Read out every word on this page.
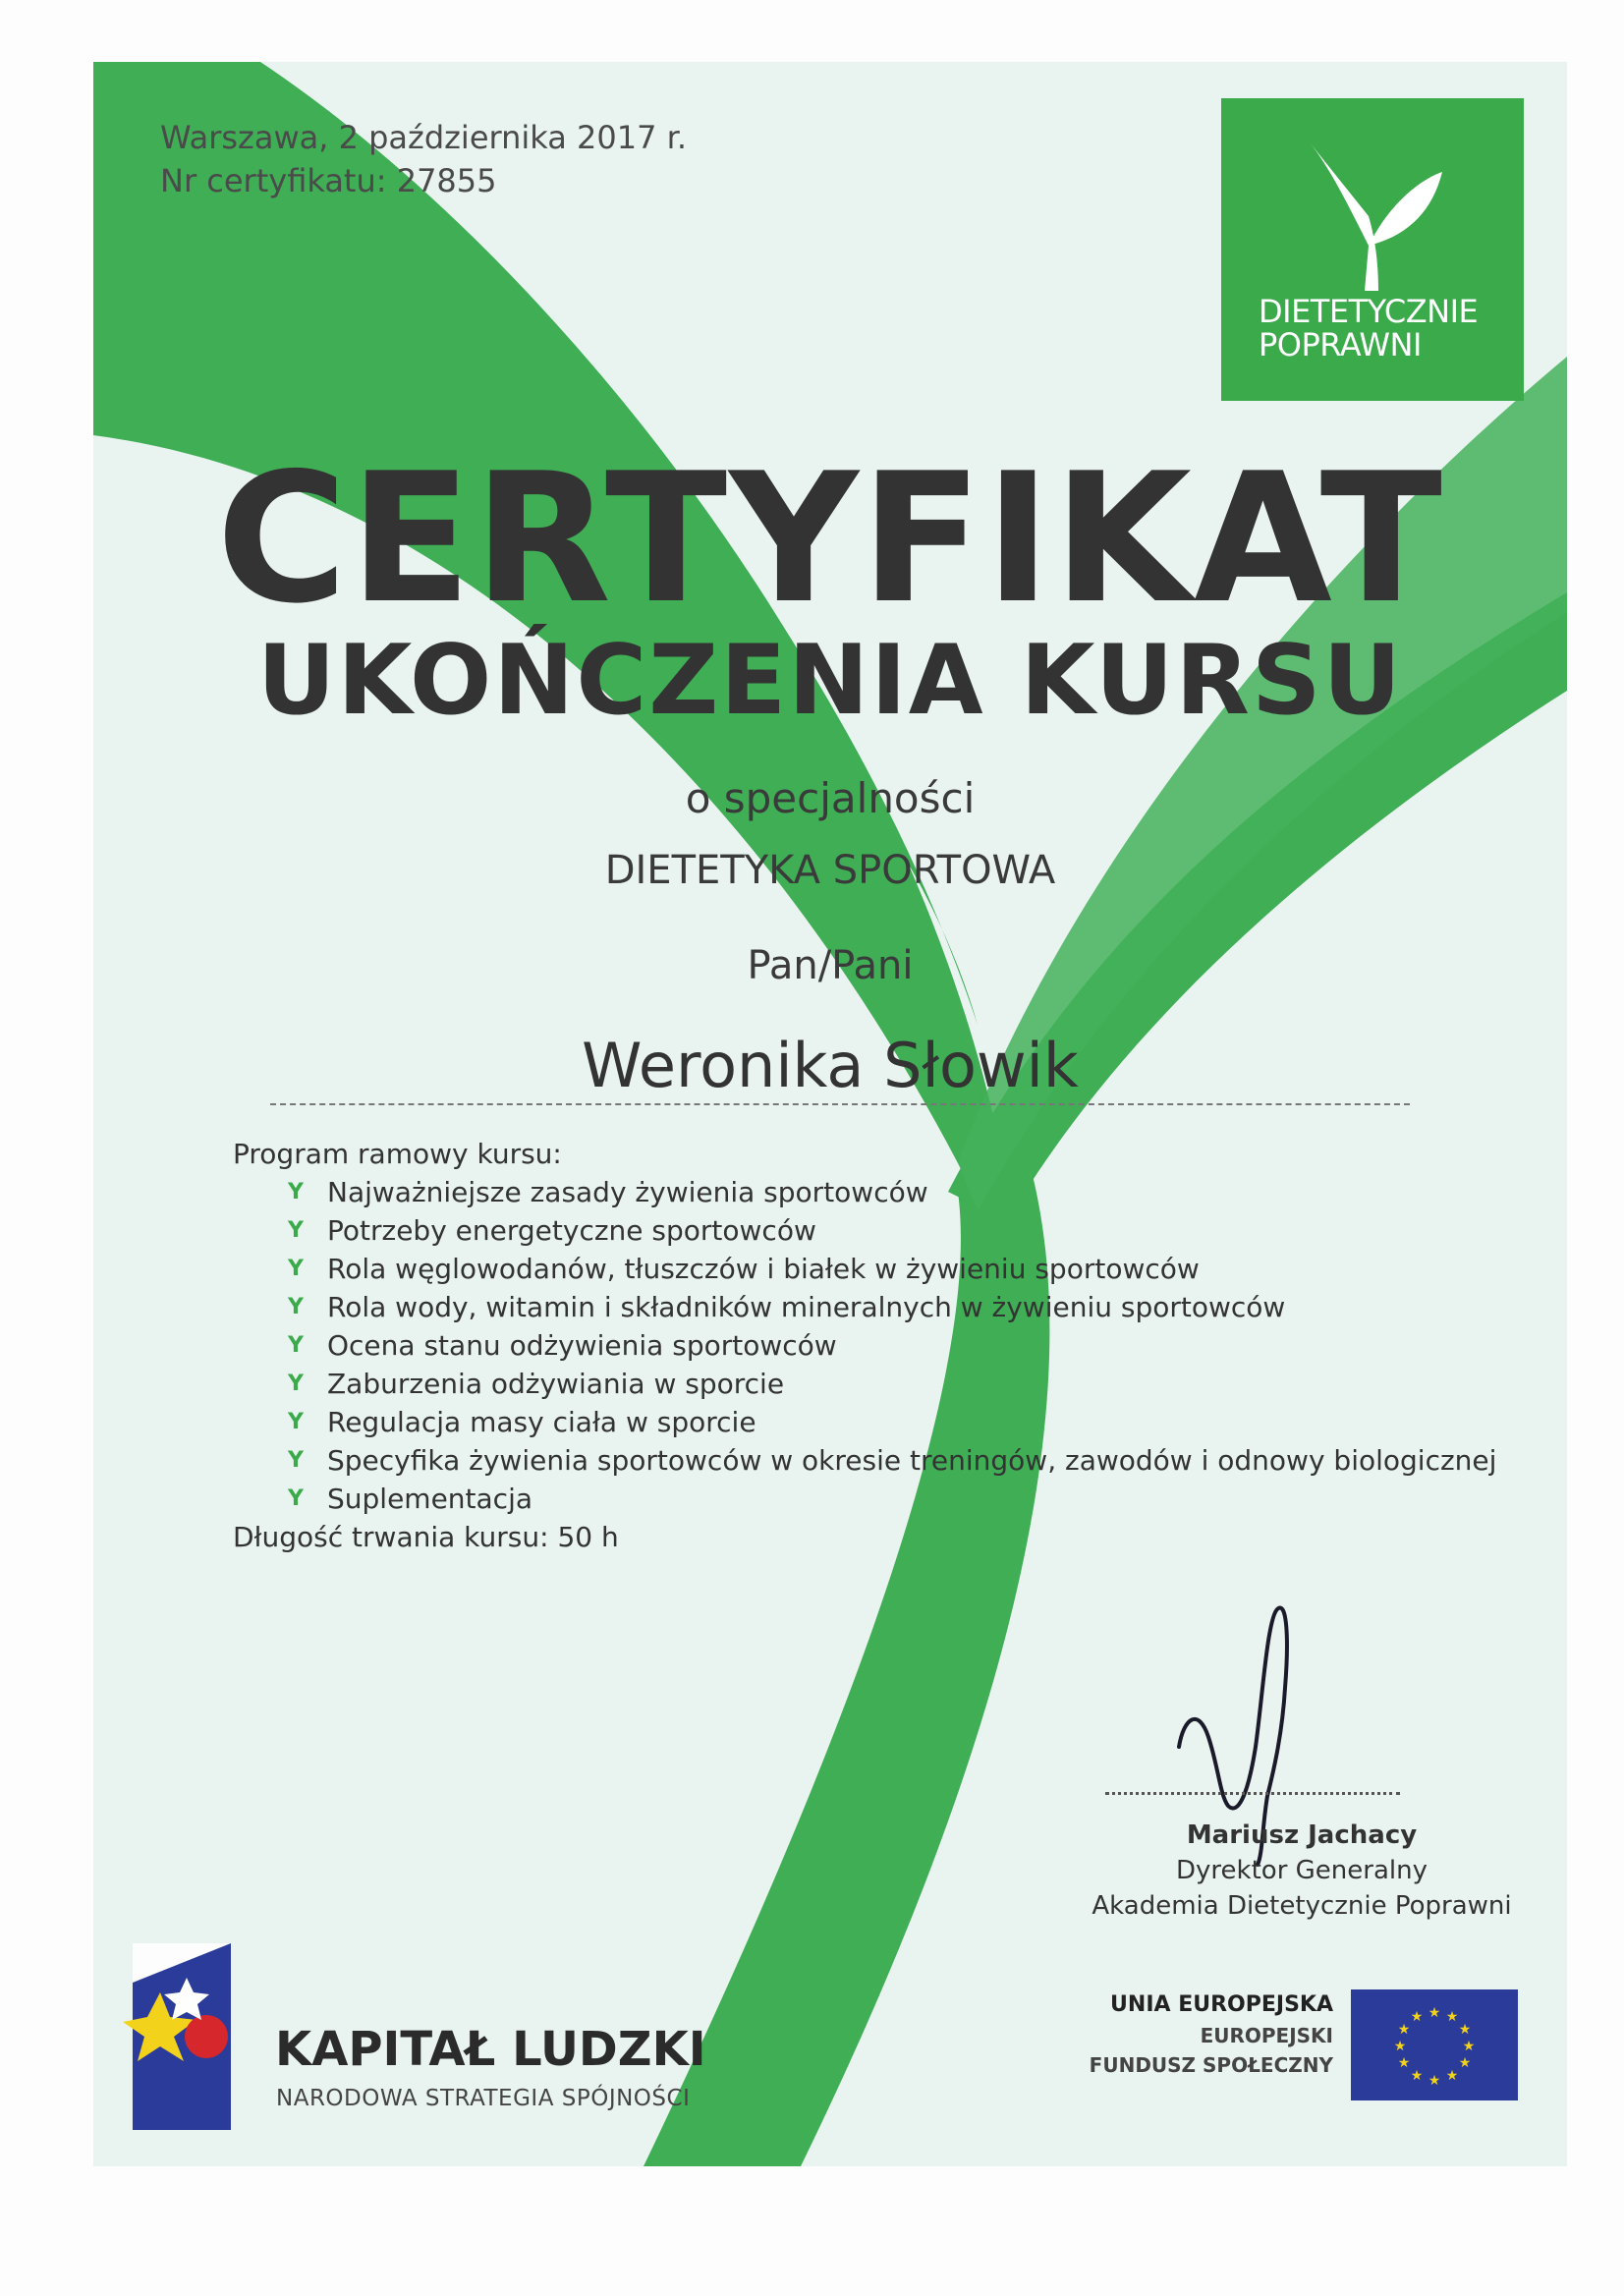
Warszawa, 2 października 2017 r.
Nr certyfikatu: 27855
DIETETYCZNIE
POPRAWNI
CERTYFIKAT
UKOŃCZENIA KURSU
o specjalności
DIETETYKA SPORTOWA
Pan/Pani
Weronika Słowik
Program ramowy kursu:
Y Najważniejsze zasady żywienia sportowców
Y Potrzeby energetyczne sportowców
Y Rola węglowodanów, tłuszczów i białek w żywieniu sportowców
Y Rola wody, witamin i składników mineralnych w żywieniu sportowców
Y Ocena stanu odżywienia sportowców
Y Zaburzenia odżywiania w sporcie
Y Regulacja masy ciała w sporcie
Y Specyfika żywienia sportowców w okresie treningów, zawodów i odnowy biologicznej
Y Suplementacja
Długość trwania kursu: 50 h
Mariusz Jachacy
Dyrektor Generalny
Akademia Dietetycznie Poprawni
KAPITAŁ LUDZKI
NARODOWA STRATEGIA SPÓJNOŚCI
UNIA EUROPEJSKA
EUROPEJSKI
FUNDUSZ SPOŁECZNY
★ ★
★
★
★
★
★
★
★
★
★
★
